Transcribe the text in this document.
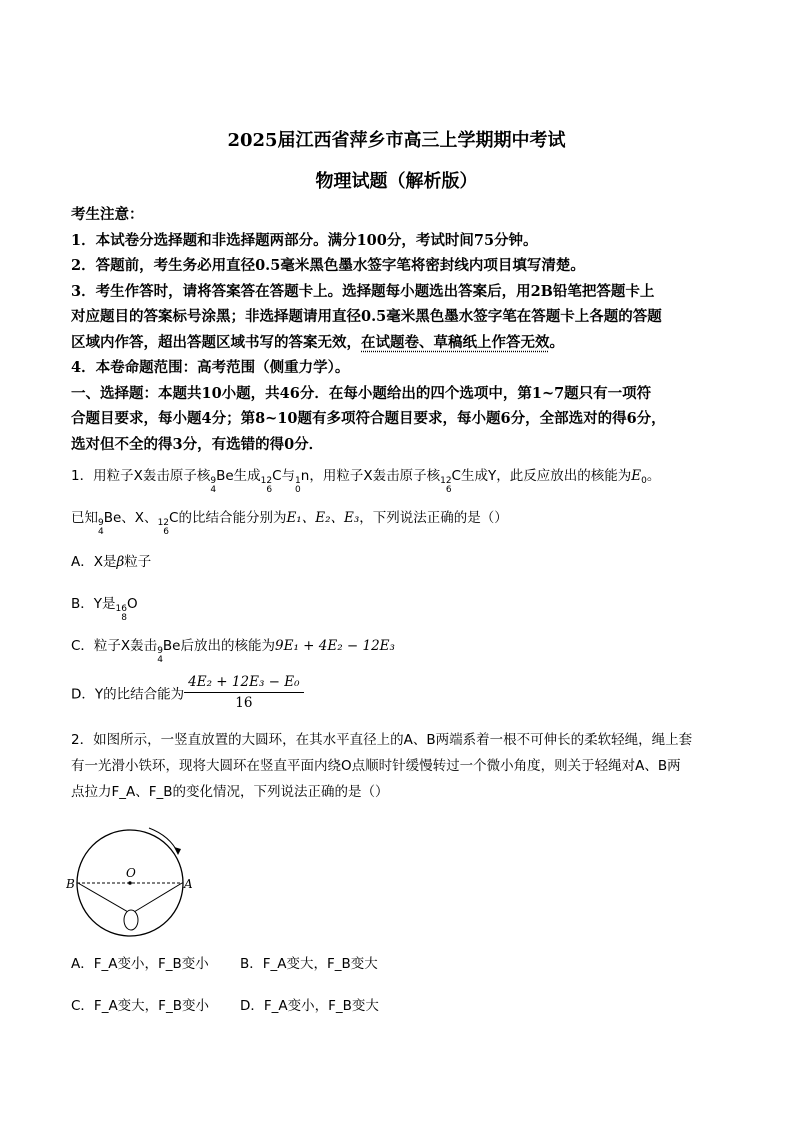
2025届江西省萍乡市高三上学期期中考试
物理试题（解析版）

考生注意：

1．本试卷分选择题和非选择题两部分。满分100分，考试时间75分钟。

2．答题前，考生务必用直径0.5毫米黑色墨水签字笔将密封线内项目填写清楚。

3．考生作答时，请将答案答在答题卡上。选择题每小题选出答案后，用2B铅笔把答题卡上

对应题目的答案标号涂黑；非选择题请用直径0.5毫米黑色墨水签字笔在答题卡上各题的答题

区域内作答，超出答题区域书写的答案无效，在试题卷、草稿纸上作答无效。

4．本卷命题范围：高考范围（侧重力学）。

一、选择题：本题共10小题，共46分．在每小题给出的四个选项中，第1~7题只有一项符

合题目要求，每小题4分；第8~10题有多项符合题目要求，每小题6分，全部选对的得6分，

选对但不全的得3分，有选错的得0分．

1．用粒子X轰击原子核 9
4
Be生成 12
6
C与 1
0
n，用粒子X轰击原子核 12
6
C生成Y，此反应放出的核能为$E_0$。
已知 9
4
Be、X、 12
6
C的比结合能分别为E₁、E₂、E₃，下列说法正确的是（）
A．X是β粒子
B．Y是 16
8
O
C．粒子X轰击 9
4
Be后放出的核能为9E₁ + 4E₂ − 12E₃
D．Y的比结合能为 $\frac{\text{4E₂ + 12E₃ − E₀}}{16}$

2．如图所示，一竖直放置的大圆环，在其水平直径上的A、B两端系着一根不可伸长的柔软轻绳，绳上套

有一光滑小铁环，现将大圆环在竖直平面内绕O点顺时针缓慢转过一个微小角度，则关于轻绳对A、B两

点拉力F_A、F_B的变化情况，下列说法正确的是（）

B	A
O
A．F_A变小，F_B变小 B．F_A变大，F_B变大
C．F_A变大，F_B变小 D．F_A变小，F_B变大
